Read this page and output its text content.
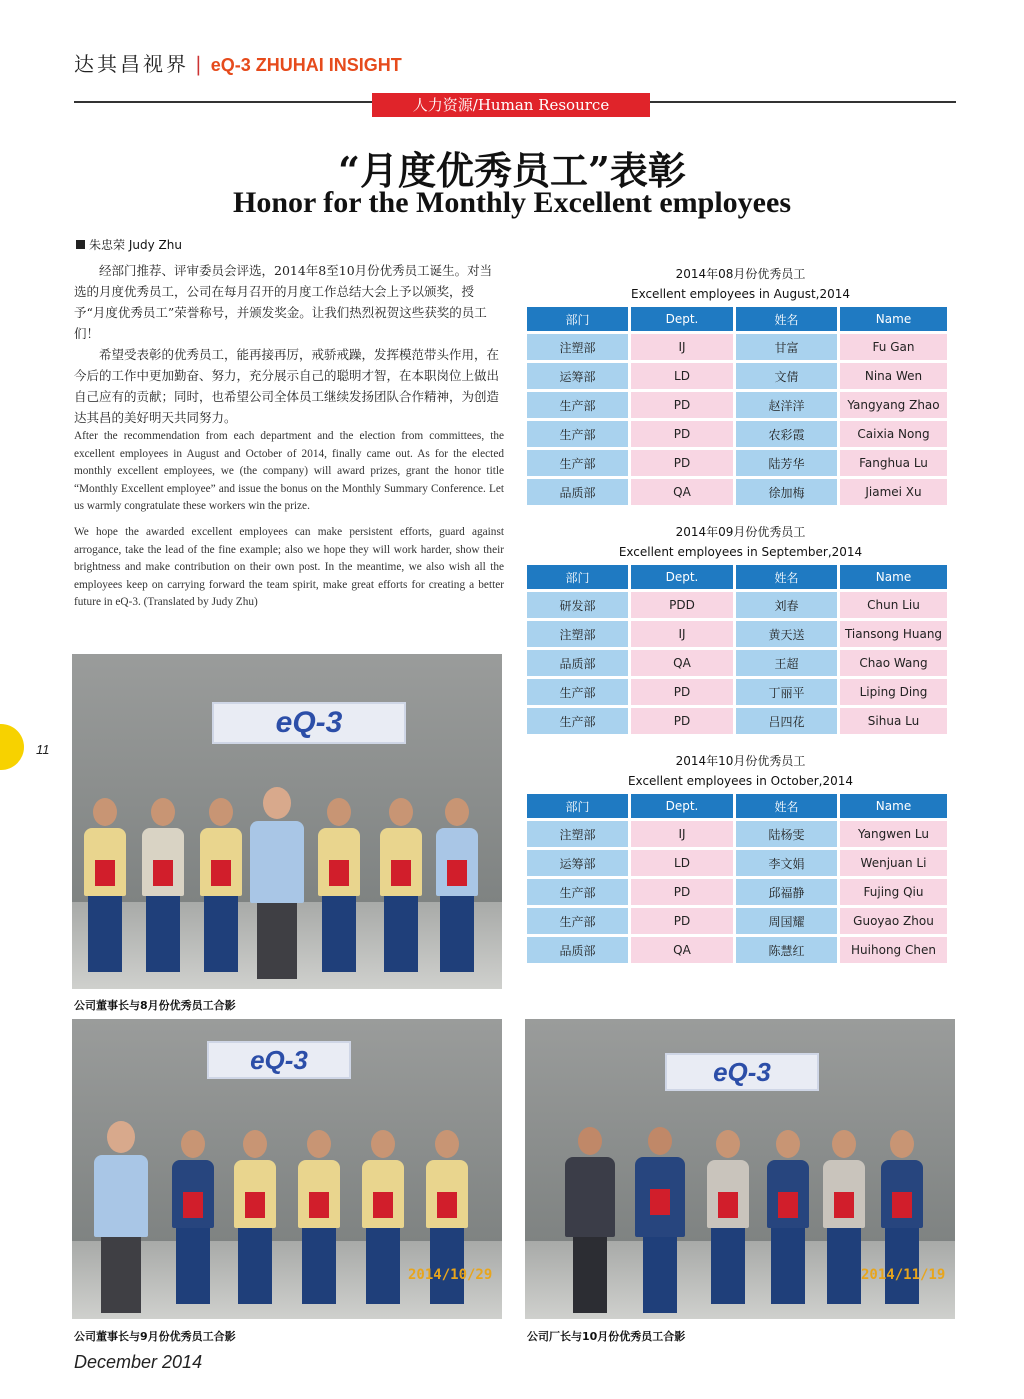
达其昌视界 | eQ-3 ZHUHAI INSIGHT
人力资源/Human Resource
“月度优秀员工”表彰
Honor for the Monthly Excellent employees
朱忠荣 Judy Zhu

经部门推荐、评审委员会评选，2014年8至10月份优秀员工诞生。对当选的月度优秀员工，公司在每月召开的月度工作总结大会上予以颁奖，授予“月度优秀员工”荣誉称号，并颁发奖金。让我们热烈祝贺这些获奖的员工们！

希望受表彰的优秀员工，能再接再厉，戒骄戒躁，发挥模范带头作用，在今后的工作中更加勤奋、努力，充分展示自己的聪明才智，在本职岗位上做出自己应有的贡献；同时，也希望公司全体员工继续发扬团队合作精神，为创造达其昌的美好明天共同努力。

After the recommendation from each department and the election from committees, the excellent employees in August and October of 2014, finally came out. As for the elected monthly excellent employees, we (the company) will award prizes, grant the honor title “Monthly Excellent employee” and issue the bonus on the Monthly Summary Conference. Let us warmly congratulate these workers win the prize.

We hope the awarded excellent employees can make persistent efforts, guard against arrogance, take the lead of the fine example; also we hope they will work harder, show their brightness and make contribution on their own post. In the meantime, we also wish all the employees keep on carrying forward the team spirit, make great efforts for creating a better future in eQ-3. (Translated by Judy Zhu)

2014年08月份优秀员工
Excellent employees in August,2014
部门	Dept.	姓名	Name
注塑部	IJ	甘富	Fu Gan
运筹部	LD	文倩	Nina Wen
生产部	PD	赵洋洋	Yangyang Zhao
生产部	PD	农彩霞	Caixia Nong
生产部	PD	陆芳华	Fanghua Lu
品质部	QA	徐加梅	Jiamei Xu
2014年09月份优秀员工
Excellent employees in September,2014
部门	Dept.	姓名	Name
研发部	PDD	刘春	Chun Liu
注塑部	IJ	黄天送	Tiansong Huang
品质部	QA	王超	Chao Wang
生产部	PD	丁丽平	Liping Ding
生产部	PD	吕四花	Sihua Lu
2014年10月份优秀员工
Excellent employees in October,2014
部门	Dept.	姓名	Name
注塑部	IJ	陆杨雯	Yangwen Lu
运筹部	LD	李文娟	Wenjuan Li
生产部	PD	邱福静	Fujing Qiu
生产部	PD	周国耀	Guoyao Zhou
品质部	QA	陈慧红	Huihong Chen
eQ-3
公司董事长与8月份优秀员工合影
eQ-3
2014/10/29
公司董事长与9月份优秀员工合影
eQ-3
2014/11/19
公司厂长与10月份优秀员工合影
11
December 2014
